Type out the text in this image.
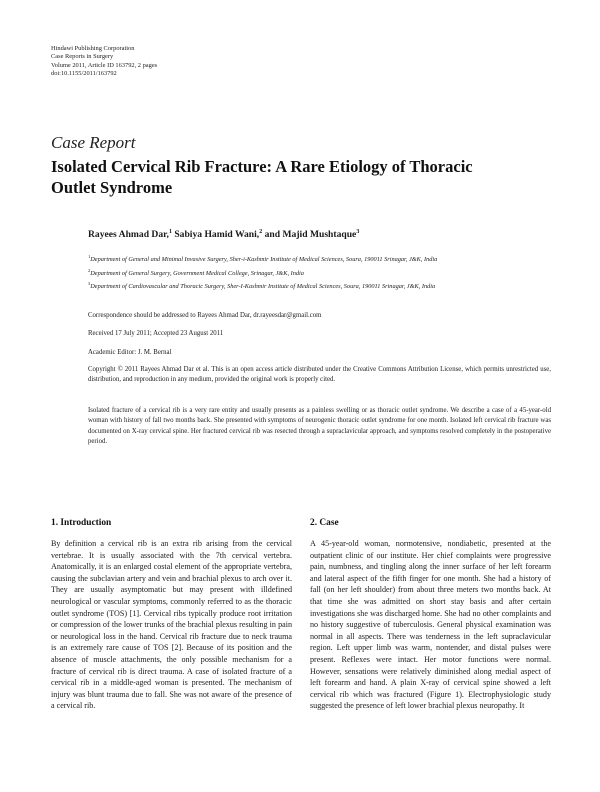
Hindawi Publishing Corporation
Case Reports in Surgery
Volume 2011, Article ID 163792, 2 pages
doi:10.1155/2011/163792
Case Report
Isolated Cervical Rib Fracture: A Rare Etiology of Thoracic Outlet Syndrome
Rayees Ahmad Dar,$^1$ Sabiya Hamid Wani,$^2$ and Majid Mushtaque$^3$
$^1$Department of General and Minimal Invasive Surgery, Sher-i-Kashmir Institute of Medical Sciences, Soura, 190011 Srinagar, J&K, India
$^2$Department of General Surgery, Government Medical College, Srinagar, J&K, India
$^3$Department of Cardiovascular and Thoracic Surgery, Sher-I-Kashmir Institute of Medical Sciences, Soura, 190011 Srinagar, J&K, India
Correspondence should be addressed to Rayees Ahmad Dar, dr.rayeesdar@gmail.com
Received 17 July 2011; Accepted 23 August 2011
Academic Editor: J. M. Bernal
Copyright © 2011 Rayees Ahmad Dar et al. This is an open access article distributed under the Creative Commons Attribution License, which permits unrestricted use, distribution, and reproduction in any medium, provided the original work is properly cited.
Isolated fracture of a cervical rib is a very rare entity and usually presents as a painless swelling or as thoracic outlet syndrome. We describe a case of a 45-year-old woman with history of fall two months back. She presented with symptoms of neurogenic thoracic outlet syndrome for one month. Isolated left cervical rib fracture was documented on X-ray cervical spine. Her fractured cervical rib was resected through a supraclavicular approach, and symptoms resolved completely in the postoperative period.
1. Introduction

By definition a cervical rib is an extra rib arising from the cervical vertebrae. It is usually associated with the 7th cervical vertebra. Anatomically, it is an enlarged costal element of the appropriate vertebra, causing the subclavian artery and vein and brachial plexus to arch over it. They are usually asymptomatic but may present with illdefined neurological or vascular symptoms, commonly referred to as the thoracic outlet syndrome (TOS) [1]. Cervical ribs typically produce root irritation or compression of the lower trunks of the brachial plexus resulting in pain or neurological loss in the hand. Cervical rib fracture due to neck trauma is an extremely rare cause of TOS [2]. Because of its position and the absence of muscle attachments, the only possible mechanism for a fracture of cervical rib is direct trauma. A case of isolated fracture of a cervical rib in a middle-aged woman is presented. The mechanism of injury was blunt trauma due to fall. She was not aware of the presence of a cervical rib.

2. Case

A 45-year-old woman, normotensive, nondiabetic, presented at the outpatient clinic of our institute. Her chief complaints were progressive pain, numbness, and tingling along the inner surface of her left forearm and lateral aspect of the fifth finger for one month. She had a history of fall (on her left shoulder) from about three meters two months back. At that time she was admitted on short stay basis and after certain investigations she was discharged home. She had no other complaints and no history suggestive of tuberculosis. General physical examination was normal in all aspects. There was tenderness in the left supraclavicular region. Left upper limb was warm, nontender, and distal pulses were present. Reflexes were intact. Her motor functions were normal. However, sensations were relatively diminished along medial aspect of left forearm and hand. A plain X-ray of cervical spine showed a left cervical rib which was fractured (Figure 1). Electrophysiologic study suggested the presence of left lower brachial plexus neuropathy. It
